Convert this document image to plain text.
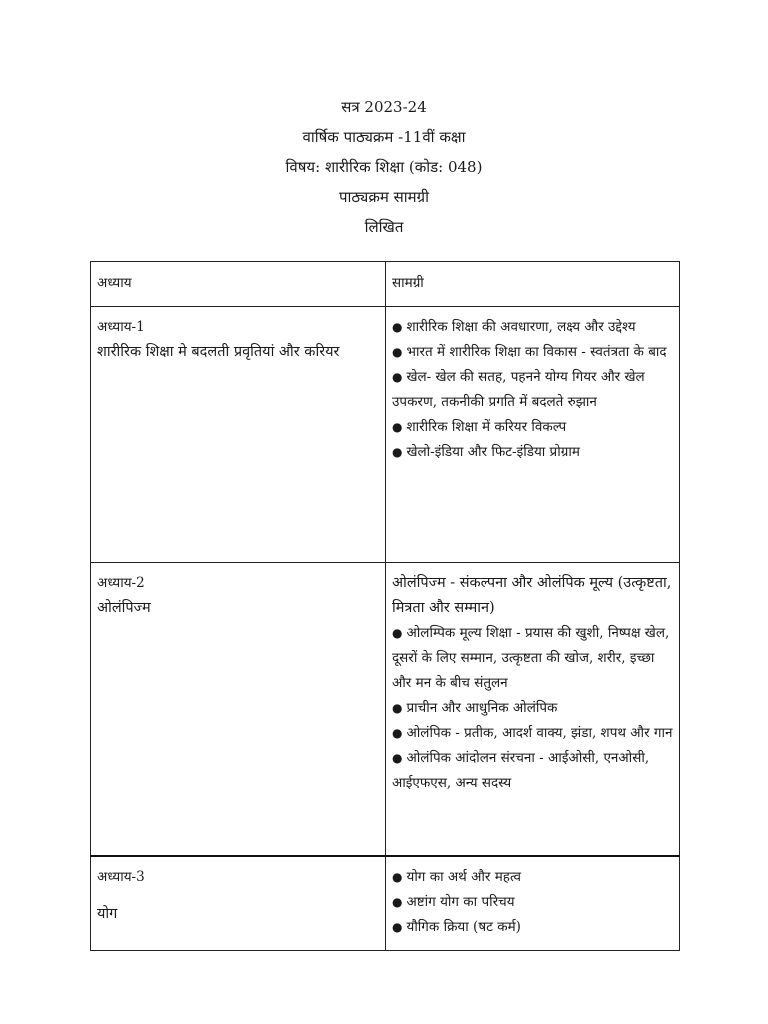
सत्र 2023-24
वार्षिक पाठ्यक्रम -11वीं कक्षा
विषय: शारीरिक शिक्षा (कोड: 048)
पाठ्यक्रम सामग्री
लिखित
अध्याय	सामग्री

अध्याय-1
शारीरिक शिक्षा मे बदलती प्रवृतियां और करियर	● शारीरिक शिक्षा की अवधारणा, लक्ष्य और उद्देश्य
● भारत में शारीरिक शिक्षा का विकास - स्वतंत्रता के बाद
● खेल- खेल की सतह, पहनने योग्य गियर और खेल उपकरण, तकनीकी प्रगति में बदलते रुझान
● शारीरिक शिक्षा में करियर विकल्प
● खेलो-इंडिया और फिट-इंडिया प्रोग्राम

अध्याय-2
ओलंपिज्म	ओलंपिज्म - संकल्पना और ओलंपिक मूल्य (उत्कृष्टता, मित्रता और सम्मान)
● ओलम्पिक मूल्य शिक्षा - प्रयास की खुशी, निष्पक्ष खेल, दूसरों के लिए सम्मान, उत्कृष्टता की खोज, शरीर, इच्छा और मन के बीच संतुलन
● प्राचीन और आधुनिक ओलंपिक
● ओलंपिक - प्रतीक, आदर्श वाक्य, झंडा, शपथ और गान
● ओलंपिक आंदोलन संरचना - आईओसी, एनओसी, आईएफएस, अन्य सदस्य

अध्याय-3
योग	● योग का अर्थ और महत्व
● अष्टांग योग का परिचय
● यौगिक क्रिया (षट कर्म)
